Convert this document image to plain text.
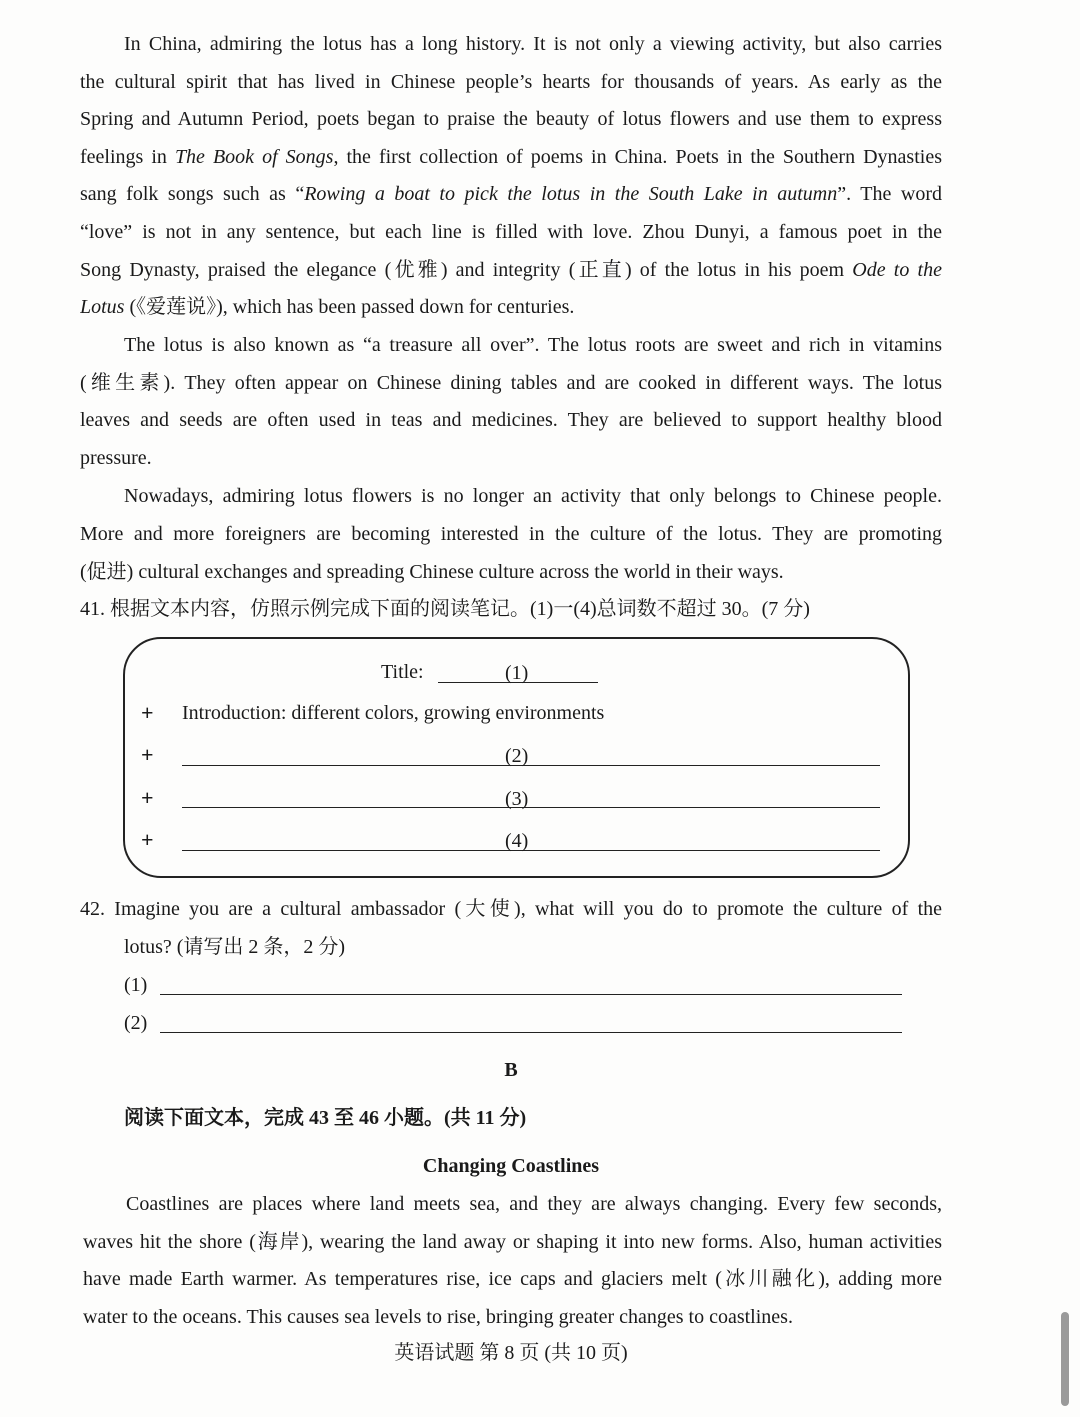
In China, admiring the lotus has a long history. It is not only a viewing activity, but also carries
the cultural spirit that has lived in Chinese people’s hearts for thousands of years. As early as the
Spring and Autumn Period, poets began to praise the beauty of lotus flowers and use them to express
feelings in The Book of Songs, the first collection of poems in China. Poets in the Southern Dynasties
sang folk songs such as “Rowing a boat to pick the lotus in the South Lake in autumn”. The word
“love” is not in any sentence, but each line is filled with love. Zhou Dunyi, a famous poet in the
Song Dynasty, praised the elegance (优雅) and integrity (正直) of the lotus in his poem Ode to the
Lotus (《爱莲说》), which has been passed down for centuries.
The lotus is also known as “a treasure all over”. The lotus roots are sweet and rich in vitamins
(维生素). They often appear on Chinese dining tables and are cooked in different ways. The lotus
leaves and seeds are often used in teas and medicines. They are believed to support healthy blood
pressure.
Nowadays, admiring lotus flowers is no longer an activity that only belongs to Chinese people.
More and more foreigners are becoming interested in the culture of the lotus. They are promoting
(促进) cultural exchanges and spreading Chinese culture across the world in their ways.
41. 根据文本内容，仿照示例完成下面的阅读笔记。(1)一(4)总词数不超过 30。(7 分)
Title:	(1)
+ Introduction: different colors, growing environments
+	(2)
+	(3)
+	(4)
42. Imagine you are a cultural ambassador (大使), what will you do to promote the culture of the
lotus? (请写出 2 条，2 分)
(1)
(2)
B
阅读下面文本，完成 43 至 46 小题。(共 11 分)
Changing Coastlines
Coastlines are places where land meets sea, and they are always changing. Every few seconds,
waves hit the shore (海岸), wearing the land away or shaping it into new forms. Also, human activities
have made Earth warmer. As temperatures rise, ice caps and glaciers melt (冰川融化), adding more
water to the oceans. This causes sea levels to rise, bringing greater changes to coastlines.
英语试题 第 8 页 (共 10 页)
